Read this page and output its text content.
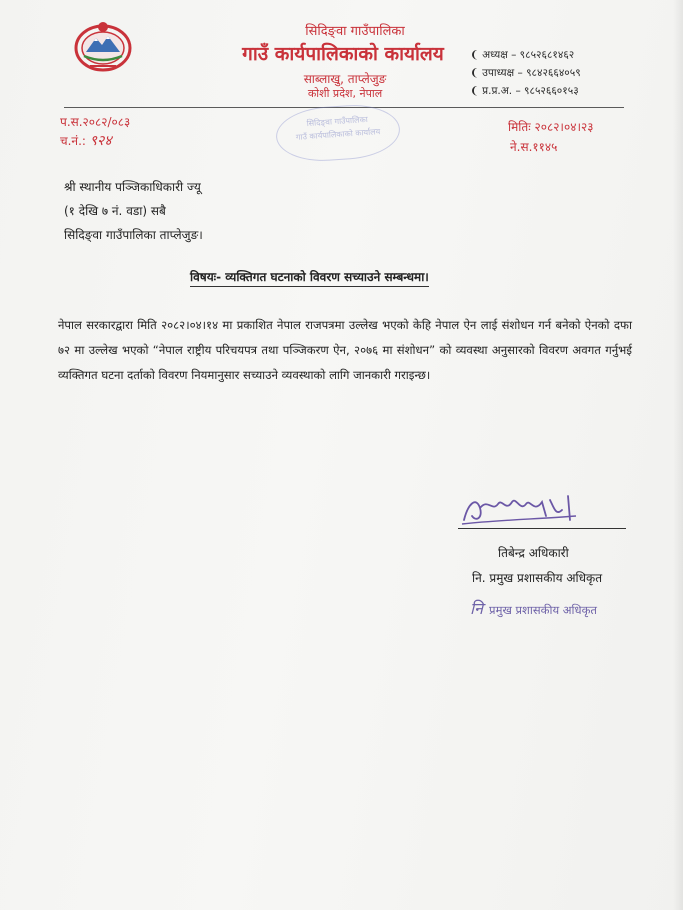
सिदिङ्वा गाउँपालिका
गाउँ कार्यपालिकाको कार्यालय
साब्लाखु, ताप्लेजुङ
कोशी प्रदेश, नेपाल
❨ अध्यक्ष – ९८५२६८१४६२
❨ उपाध्यक्ष – ९८४२६६४०५९
❨ प्र.प्र.अ. – ९८५२६६०१५३
सिदिङ्वा गाउँपालिका
गाउँ कार्यपालिकाको कार्यालय
प.स.२०८२/०८३
च.नं.: ९२४
मितिः २०८२।०४।२३
ने.स.११४५
श्री स्थानीय पञ्जिकाधिकारी ज्यू
(१ देखि ७ नं. वडा) सबै
सिदिङ्वा गाउँपालिका ताप्लेजुङ।
विषयः- व्यक्तिगत घटनाको विवरण सच्याउने सम्बन्धमा।
नेपाल सरकारद्वारा मिति २०८२।०४।१४ मा प्रकाशित नेपाल राजपत्रमा उल्लेख भएको केहि नेपाल ऐन लाई संशोधन गर्न बनेको ऐनको दफा ७२ मा उल्लेख भएको “नेपाल राष्ट्रीय परिचयपत्र तथा पञ्जिकरण ऐन, २०७६ मा संशोधन” को व्यवस्था अनुसारको विवरण अवगत गर्नुभई व्यक्तिगत घटना दर्ताको विवरण नियमानुसार सच्याउने व्यवस्थाको लागि जानकारी गराइन्छ।
तिबेन्द्र अधिकारी
नि. प्रमुख प्रशासकीय अधिकृत
नि प्रमुख प्रशासकीय अधिकृत
